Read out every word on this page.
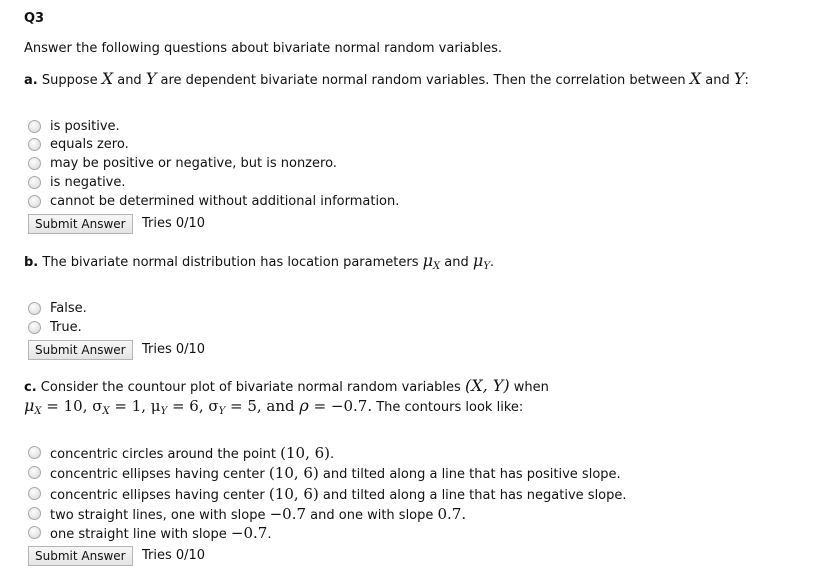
Q3
Answer the following questions about bivariate normal random variables.
a. Suppose X and Y are dependent bivariate normal random variables. Then the correlation between X and Y:
is positive.
equals zero.
may be positive or negative, but is nonzero.
is negative.
cannot be determined without additional information.
Submit Answer	Tries 0/10
b. The bivariate normal distribution has location parameters $\mu_X$ and $\mu_Y$.
False.
True.
Submit Answer	Tries 0/10
c. Consider the countour plot of bivariate normal random variables (X, Y) when
$\mu_X = 10$, $\sigma_X = 1$, $\mu_Y = 6$, $\sigma_Y = 5$, and ρ = −0.7. The contours look like:
concentric circles around the point (10, 6).
concentric ellipses having center (10, 6) and tilted along a line that has positive slope.
concentric ellipses having center (10, 6) and tilted along a line that has negative slope.
two straight lines, one with slope −0.7 and one with slope 0.7.
one straight line with slope −0.7.
Submit Answer	Tries 0/10
